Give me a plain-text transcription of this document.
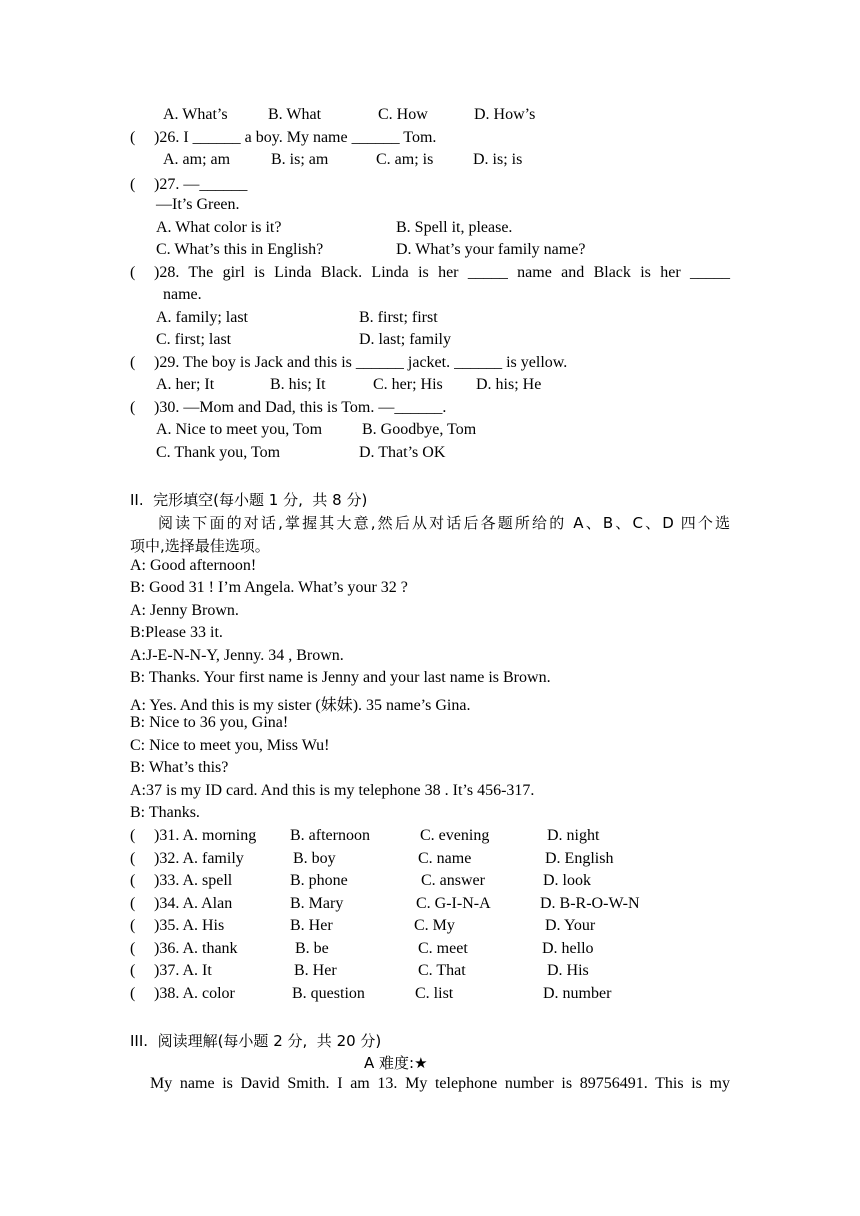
A. What’s	B. What	C. How	D. How’s
( )26. I ______ a boy. My name ______ Tom.
A. am; am	B. is; am	C. am; is D. is; is
( )27. —______
—It’s Green.
A. What color is it?	B. Spell it, please.
C. What’s this in English?	D. What’s your family name?
( )28. The girl is Linda Black. Linda is her _____ name and Black is her _____
name.
A. family; last	B. first; first
C. first; last	D. last; family
( )29. The boy is Jack and this is ______ jacket. ______ is yellow.
A. her; It	B. his; It	C. her; His D. his; He
( )30. —Mom and Dad, this is Tom. —______.
A. Nice to meet you, Tom B. Goodbye, Tom
C. Thank you, Tom	D. That’s OK
II.  完形填空(每小题 1 分,  共 8 分)
阅读下面的对话,掌握其大意,然后从对话后各题所给的 A、B、C、D 四个选
项中,选择最佳选项。
A: Good afternoon!
B: Good 31 ! I’m Angela. What’s your 32 ?
A: Jenny Brown.
B:Please 33 it.
A:J-E-N-N-Y, Jenny. 34 , Brown.
B: Thanks. Your first name is Jenny and your last name is Brown.
A: Yes. And this is my sister (妹妹). 35 name’s Gina.
B: Nice to 36 you, Gina!
C: Nice to meet you, Miss Wu!
B: What’s this?
A:37 is my ID card. And this is my telephone 38 . It’s 456-317.
B: Thanks.
( )31. A. morning B. afternoon	C. evening	D. night
( )32. A. family	B. boy	C. name	D. English
( )33. A. spell	B. phone	C. answer	D. look
( )34. A. Alan	B. Mary	C. G-I-N-A	D. B-R-O-W-N
( )35. A. His	B. Her	C. My	D. Your
( )36. A. thank	B. be	C. meet	D. hello
( )37. A. It	B. Her	C. That	D. His
( )38. A. color	B. question	C. list	D. number
III.  阅读理解(每小题 2 分,  共 20 分)
A 难度:★
My name is David Smith. I am 13. My telephone number is 89756491. This is my
